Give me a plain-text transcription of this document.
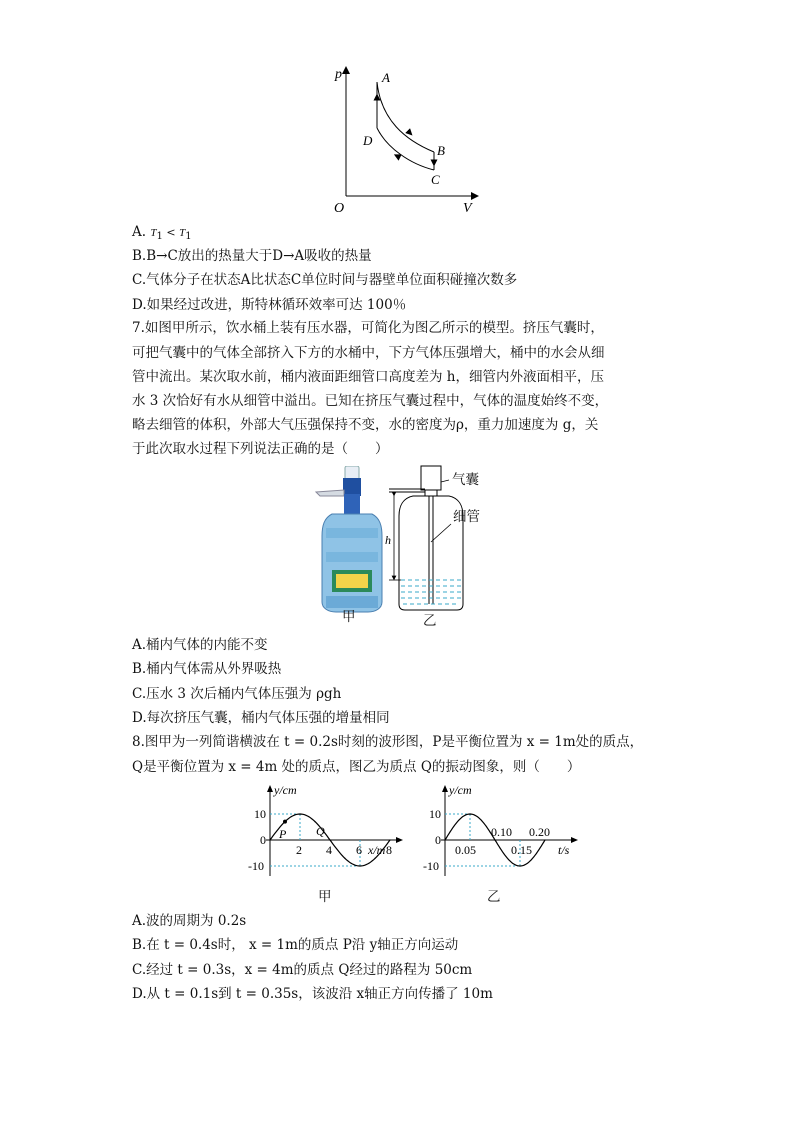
p
V
O
A
B
C
D
A. T1 < T1
B.B→C放出的热量大于D→A吸收的热量
C.气体分子在状态A比状态C单位时间与器壁单位面积碰撞次数多
D.如果经过改进，斯特林循环效率可达 100％
7.如图甲所示，饮水桶上装有压水器，可简化为图乙所示的模型。挤压气囊时，
可把气囊中的气体全部挤入下方的水桶中，下方气体压强增大，桶中的水会从细
管中流出。某次取水前，桶内液面距细管口高度差为 h，细管内外液面相平，压
水 3 次恰好有水从细管中溢出。已知在挤压气囊过程中，气体的温度始终不变，
略去细管的体积，外部大气压强保持不变，水的密度为ρ，重力加速度为 g，关
于此次取水过程下列说法正确的是（　　）
甲
h
气囊
细管
乙
A.桶内气体的内能不变
B.桶内气体需从外界吸热
C.压水 3 次后桶内气体压强为 ρgh
D.每次挤压气囊，桶内气体压强的增量相同
8.图甲为一列简谐横波在 t = 0.2s时刻的波形图，P是平衡位置为 x = 1m处的质点，
Q是平衡位置为 x = 4m 处的质点，图乙为质点 Q的振动图象，则（　　）
y/cm
x/m
10
0
-10
2 4 6 8
P Q
y/cm
t/s
10
0
-10
0.05
0.10
0.15
0.20
甲	乙
A.波的周期为 0.2s
B.在 t = 0.4s时， x = 1m的质点 P沿 y轴正方向运动
C.经过 t = 0.3s，x = 4m的质点 Q经过的路程为 50cm
D.从 t = 0.1s到 t = 0.35s，该波沿 x轴正方向传播了 10m
